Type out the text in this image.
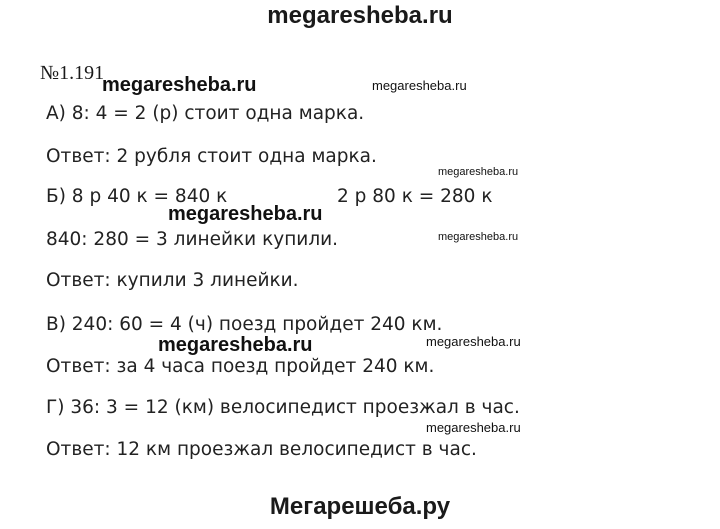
megaresheba.ru
№1.191
megaresheba.ru	megaresheba.ru
А) 8: 4 = 2 (р) стоит одна марка.
Ответ: 2 рубля стоит одна марка.
megaresheba.ru
Б) 8 р 40 к = 840 к	2 р 80 к = 280 к
megaresheba.ru
840: 280 = 3 линейки купили.	megaresheba.ru
Ответ: купили 3 линейки.
В) 240: 60 = 4 (ч) поезд пройдет 240 км.
megaresheba.ru	megaresheba.ru
Ответ: за 4 часа поезд пройдет 240 км.
Г) 36: 3 = 12 (км) велосипедист проезжал в час.
megaresheba.ru
Ответ: 12 км проезжал велосипедист в час.
Мегарешеба.ру
